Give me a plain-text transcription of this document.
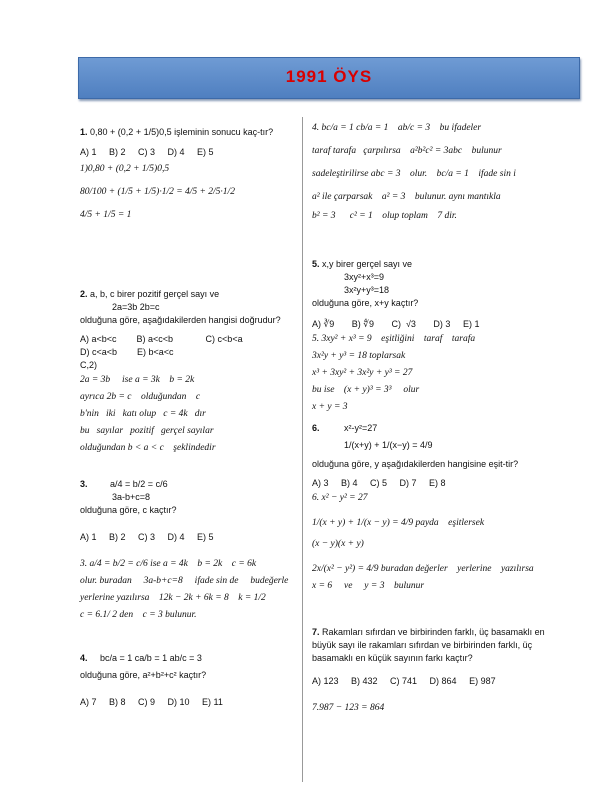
1991 ÖYS

1. 0,80 + (0,2 + 1/5)0,5 işleminin sonucu kaç-tır?

A) 1     B) 2     C) 3     D) 4     E) 5

1)0,80 + (0,2 + 1/5)0,5

80/100 + (1/5 + 1/5)·1/2 = 4/5 + 2/5·1/2

4/5 + 1/5 = 1

2. a, b, c birer pozitif gerçel sayı ve

2a=3b 2b=c

olduğuna göre, aşağıdakilerden hangisi doğrudur?

A) a<b<c        B) a<c<b             C) c<b<a

D) c<a<b        E) b<a<c

C,2)

2a = 3b     ise a = 3k    b = 2k

ayrıca 2b = c    olduğundan    c

b'nin   iki   katı olup   c = 4k   dır

bu   sayılar   pozitif   gerçel sayılar

olduğundan b < a < c    şeklindedir

3.	a/4 = b/2 = c/6

3a-b+c=8

olduğuna göre, c kaçtır?

A) 1     B) 2     C) 3     D) 4     E) 5

3. a/4 = b/2 = c/6 ise a = 4k    b = 2k    c = 6k

olur. buradan     3a-b+c=8     ifade sin de     budeğerle

yerlerine yazılırsa    12k − 2k + 6k = 8    k = 1/2

c = 6.1/ 2 den    c = 3 bulunur.

4. bc/a = 1 ca/b = 1 ab/c = 3

olduğuna göre, a²+b²+c² kaçtır?

A) 7     B) 8     C) 9     D) 10     E) 11

4. bc/a = 1 cb/a = 1    ab/c = 3    bu ifadeler

taraf tarafa   çarpılırsa    a²b²c² = 3abc    bulunur

sadeleştirilirse abc = 3    olur.    bc/a = 1    ifade sin i

a² ile çarparsak    a² = 3    bulunur. aynı mantıkla

b² = 3      c² = 1    olup toplam    7 dir.

5. x,y birer gerçel sayı ve

3xy²+x³=9

3x²y+y³=18

olduğuna göre, x+y kaçtır?

A) ∛9       B) ∜9       C)  √3       D) 3     E) 1

5. 3xy² + x³ = 9    eşitliğini    taraf    tarafa

3x²y + y³ = 18 toplarsak

x³ + 3xy² + 3x²y + y³ = 27

bu ise    (x + y)³ = 3³     olur

x + y = 3

6.	x²-y²=27

1/(x+y) + 1/(x−y) = 4/9

olduğuna göre, y aşağıdakilerden hangisine eşit-tir?

A) 3     B) 4     C) 5     D) 7     E) 8

6. x² − y² = 27

1/(x + y) + 1/(x − y) = 4/9 payda    eşitlersek

(x − y)(x + y)

2x/(x² − y²) = 4/9 buradan değerler    yerlerine    yazılırsa

x = 6     ve     y = 3    bulunur

7. Rakamları sıfırdan ve birbirinden farklı, üç basamaklı en büyük sayı ile rakamları sıfırdan ve birbirinden farklı, üç basamaklı en küçük sayının farkı kaçtır?

A) 123     B) 432     C) 741     D) 864     E) 987

7.987 − 123 = 864
